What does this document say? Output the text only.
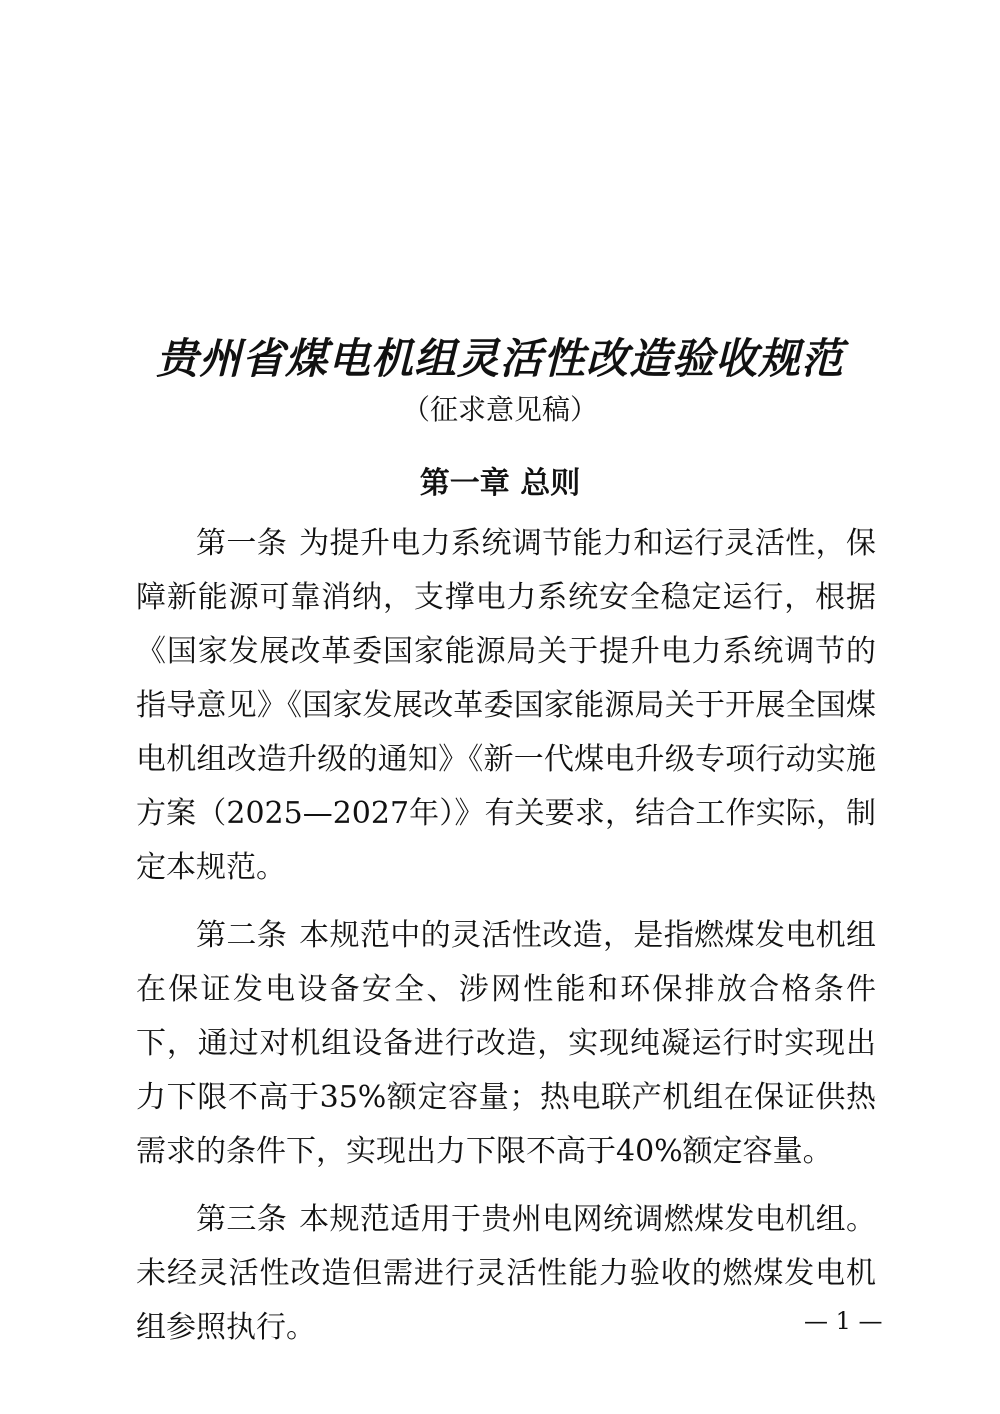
贵州省煤电机组灵活性改造验收规范
（征求意见稿）
第一章 总则

第一条 为提升电力系统调节能力和运行灵活性，保障新能源可靠消纳，支撑电力系统安全稳定运行，根据《国家发展改革委国家能源局关于提升电力系统调节的指导意见》《国家发展改革委国家能源局关于开展全国煤电机组改造升级的通知》《新一代煤电升级专项行动实施方案（2025—2027年）》有关要求，结合工作实际，制定本规范。

第二条 本规范中的灵活性改造，是指燃煤发电机组在保证发电设备安全、涉网性能和环保排放合格条件下，通过对机组设备进行改造，实现纯凝运行时实现出力下限不高于35%额定容量；热电联产机组在保证供热需求的条件下，实现出力下限不高于40%额定容量。

第三条 本规范适用于贵州电网统调燃煤发电机组。未经灵活性改造但需进行灵活性能力验收的燃煤发电机组参照执行。	— 1 —
